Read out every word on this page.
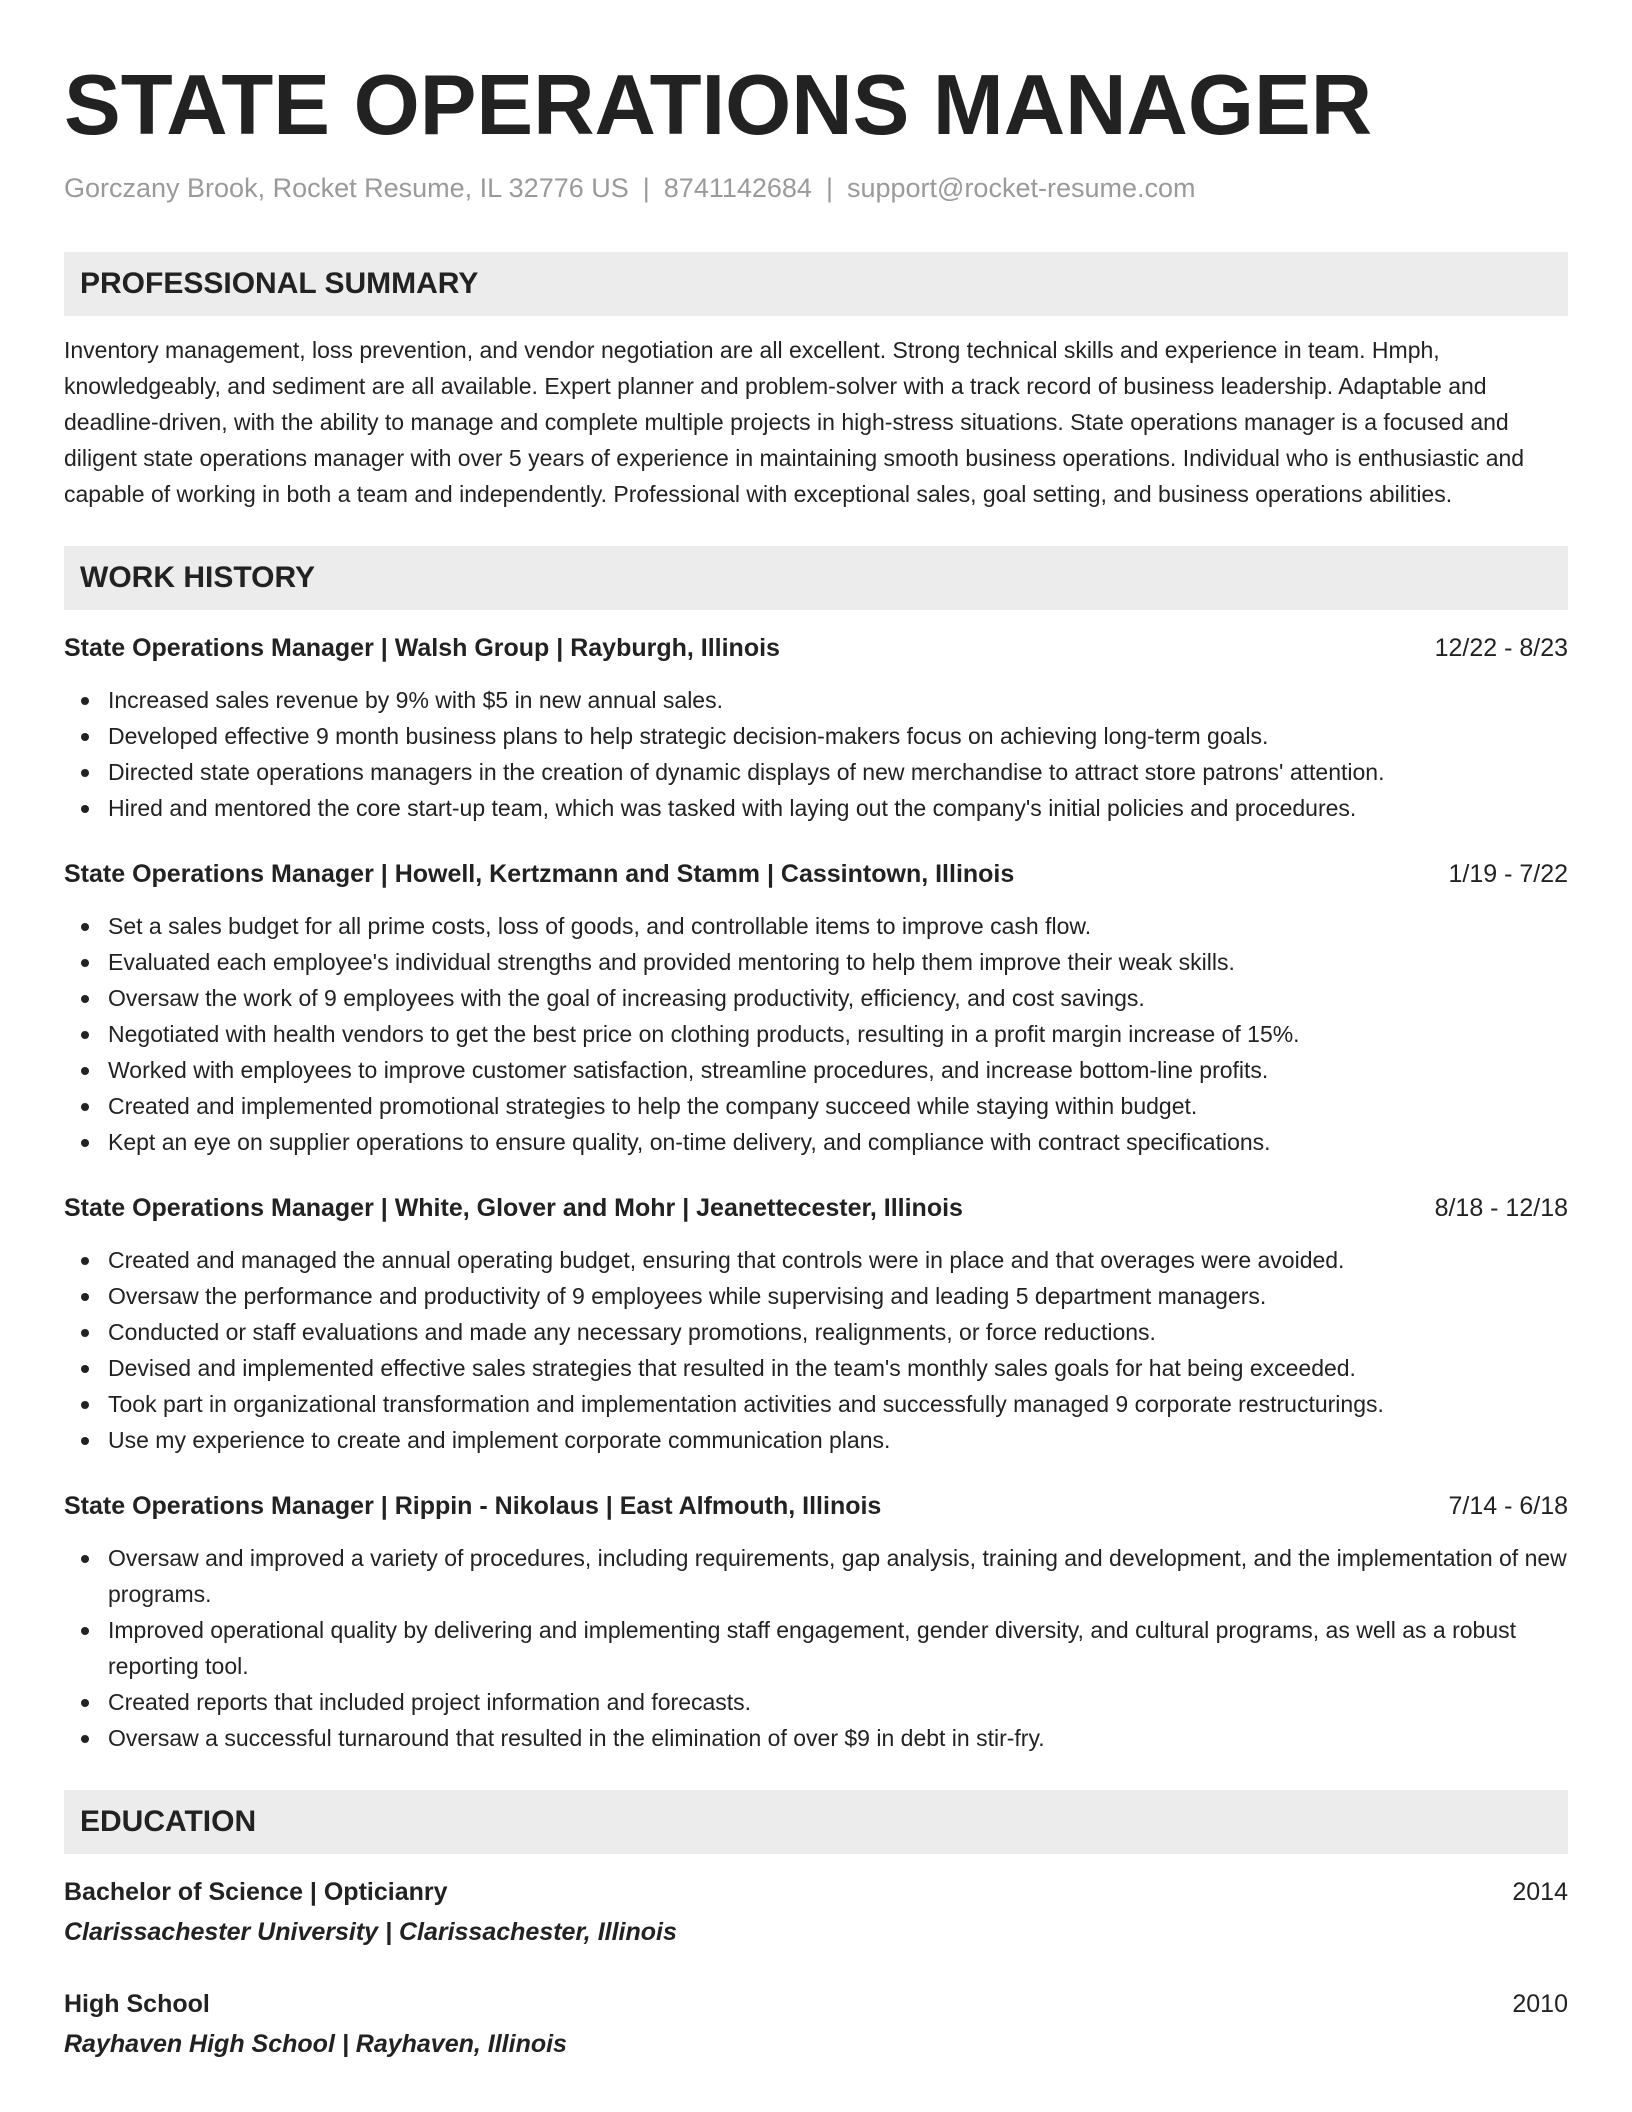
STATE OPERATIONS MANAGER
Gorczany Brook, Rocket Resume, IL 32776 US | 8741142684 | support@rocket-resume.com
PROFESSIONAL SUMMARY

Inventory management, loss prevention, and vendor negotiation are all excellent. Strong technical skills and experience in team. Hmph, knowledgeably, and sediment are all available. Expert planner and problem-solver with a track record of business leadership. Adaptable and deadline-driven, with the ability to manage and complete multiple projects in high-stress situations. State operations manager is a focused and diligent state operations manager with over 5 years of experience in maintaining smooth business operations. Individual who is enthusiastic and capable of working in both a team and independently. Professional with exceptional sales, goal setting, and business operations abilities.

WORK HISTORY
State Operations Manager | Walsh Group | Rayburgh, Illinois	12/22 - 8/23
Increased sales revenue by 9% with $5 in new annual sales.
Developed effective 9 month business plans to help strategic decision-makers focus on achieving long-term goals.
Directed state operations managers in the creation of dynamic displays of new merchandise to attract store patrons' attention.
Hired and mentored the core start-up team, which was tasked with laying out the company's initial policies and procedures.
State Operations Manager | Howell, Kertzmann and Stamm | Cassintown, Illinois	1/19 - 7/22
Set a sales budget for all prime costs, loss of goods, and controllable items to improve cash flow.
Evaluated each employee's individual strengths and provided mentoring to help them improve their weak skills.
Oversaw the work of 9 employees with the goal of increasing productivity, efficiency, and cost savings.
Negotiated with health vendors to get the best price on clothing products, resulting in a profit margin increase of 15%.
Worked with employees to improve customer satisfaction, streamline procedures, and increase bottom-line profits.
Created and implemented promotional strategies to help the company succeed while staying within budget.
Kept an eye on supplier operations to ensure quality, on-time delivery, and compliance with contract specifications.
State Operations Manager | White, Glover and Mohr | Jeanettecester, Illinois	8/18 - 12/18
Created and managed the annual operating budget, ensuring that controls were in place and that overages were avoided.
Oversaw the performance and productivity of 9 employees while supervising and leading 5 department managers.
Conducted or staff evaluations and made any necessary promotions, realignments, or force reductions.
Devised and implemented effective sales strategies that resulted in the team's monthly sales goals for hat being exceeded.
Took part in organizational transformation and implementation activities and successfully managed 9 corporate restructurings.
Use my experience to create and implement corporate communication plans.
State Operations Manager | Rippin - Nikolaus | East Alfmouth, Illinois	7/14 - 6/18
Oversaw and improved a variety of procedures, including requirements, gap analysis, training and development, and the implementation of new programs.
Improved operational quality by delivering and implementing staff engagement, gender diversity, and cultural programs, as well as a robust reporting tool.
Created reports that included project information and forecasts.
Oversaw a successful turnaround that resulted in the elimination of over $9 in debt in stir-fry.
EDUCATION
Bachelor of Science | Opticianry	2014
Clarissachester University | Clarissachester, Illinois
High School	2010
Rayhaven High School | Rayhaven, Illinois
